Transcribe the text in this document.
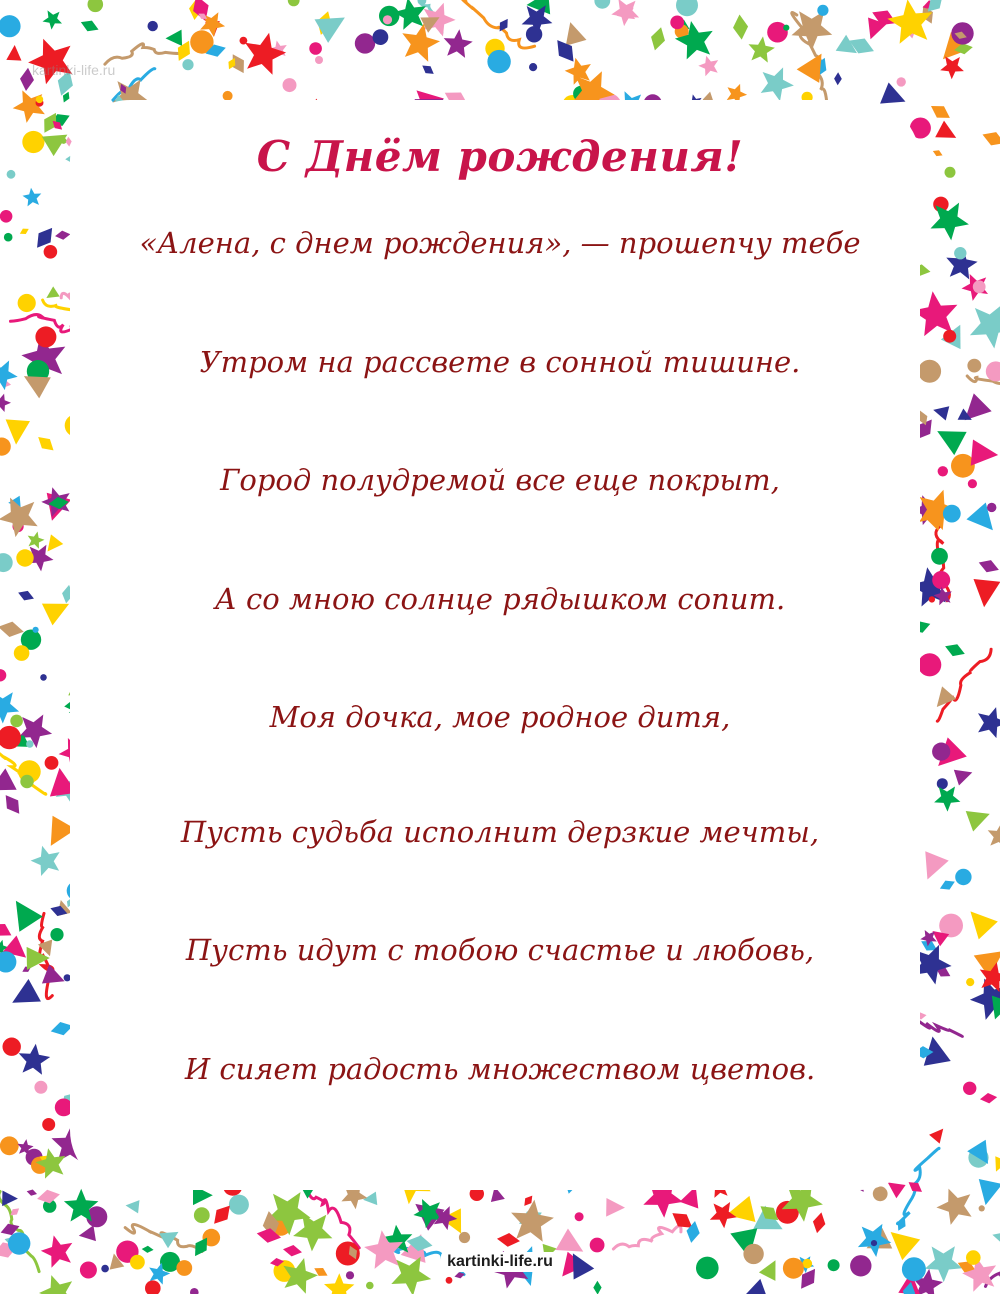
kartinki-life.ru
С Днём рождения!
«Алена, с днем рождения», — прошепчу тебе
Утром на рассвете в сонной тишине.
Город полудремой все еще покрыт,
А со мною солнце рядышком сопит.
Моя дочка, мое родное дитя,
Пусть судьба исполнит дерзкие мечты,
Пусть идут с тобою счастье и любовь,
И сияет радость множеством цветов.
kartinki-life.ru
